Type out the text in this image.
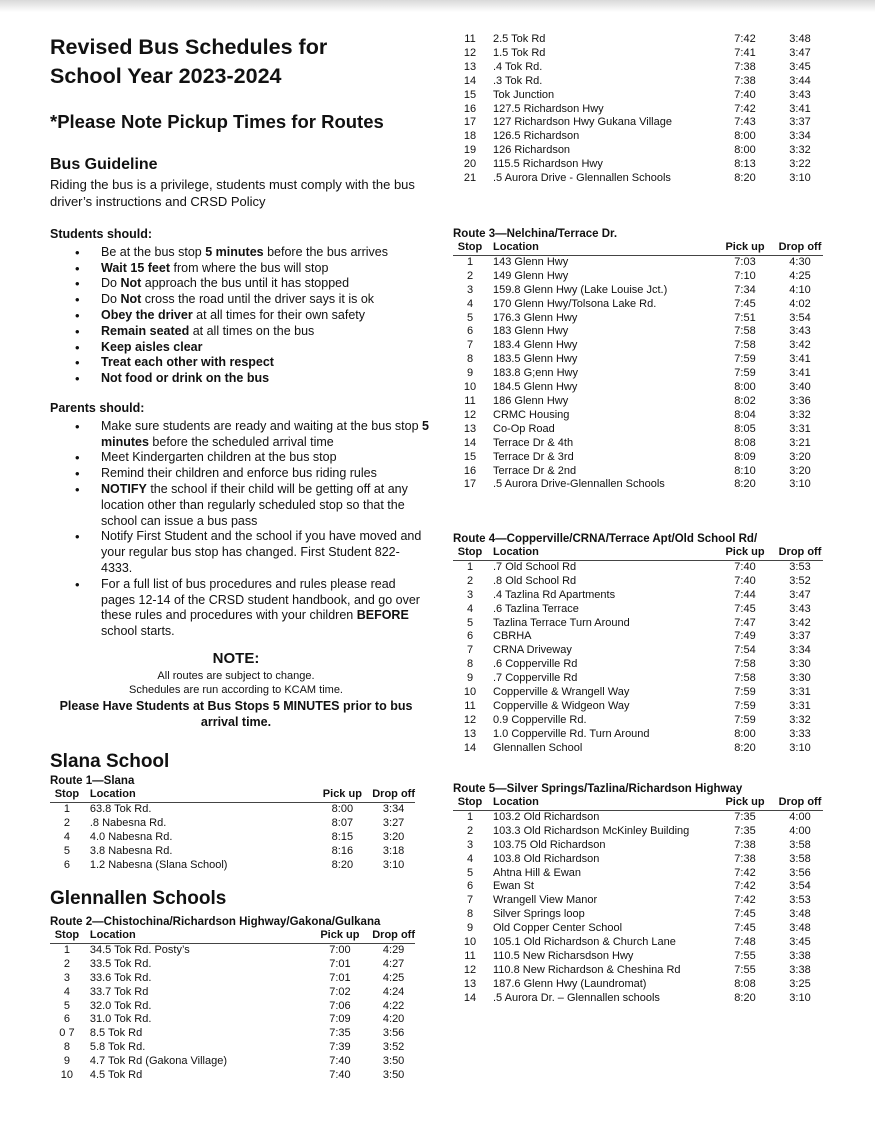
Revised Bus Schedules for
School Year 2023-2024
*Please Note Pickup Times for Routes
Bus Guideline

Riding the bus is a privilege, students must comply with the bus driver’s instructions and CRSD Policy

Students should:
• Be at the bus stop 5 minutes before the bus arrives
• Wait 15 feet from where the bus will stop
• Do Not approach the bus until it has stopped
• Do Not cross the road until the driver says it is ok
• Obey the driver at all times for their own safety
• Remain seated at all times on the bus
• Keep aisles clear
• Treat each other with respect
• Not food or drink on the bus
Parents should:
• Make sure students are ready and waiting at the bus stop 5 minutes before the scheduled arrival time
• Meet Kindergarten children at the bus stop
• Remind their children and enforce bus riding rules
• NOTIFY the school if their child will be getting off at any location other than regularly scheduled stop so that the school can issue a bus pass
• Notify First Student and the school if you have moved and your regular bus stop has changed. First Student 822-4333.
• For a full list of bus procedures and rules please read pages 12-14 of the CRSD student handbook, and go over these rules and procedures with your children BEFORE school starts.
NOTE:
All routes are subject to change.
Schedules are run according to KCAM time.
Please Have Students at Bus Stops 5 MINUTES prior to bus arrival time.
Slana School
Route 1—Slana
Stop	Location	Pick up	Drop off
1	63.8 Tok Rd.	8:00	3:34
2	.8 Nabesna Rd.	8:07	3:27
4	4.0 Nabesna Rd.	8:15	3:20
5	3.8 Nabesna Rd.	8:16	3:18
6	1.2 Nabesna (Slana School)	8:20	3:10
Glennallen Schools
Route 2—Chistochina/Richardson Highway/Gakona/Gulkana
Stop	Location	Pick up	Drop off
1	34.5 Tok Rd. Posty’s	7:00	4:29
2	33.5 Tok Rd.	7:01	4:27
3	33.6 Tok Rd.	7:01	4:25
4	33.7 Tok Rd	7:02	4:24
5	32.0 Tok Rd.	7:06	4:22
6	31.0 Tok Rd.	7:09	4:20
0 7	8.5 Tok Rd	7:35	3:56
8	5.8 Tok Rd.	7:39	3:52
9	4.7 Tok Rd (Gakona Village)	7:40	3:50
10	4.5 Tok Rd	7:40	3:50
11	2.5 Tok Rd	7:42	3:48
12	1.5 Tok Rd	7:41	3:47
13	.4 Tok Rd.	7:38	3:45
14	.3 Tok Rd.	7:38	3:44
15	Tok Junction	7:40	3:43
16	127.5 Richardson Hwy	7:42	3:41
17	127 Richardson Hwy Gukana Village	7:43	3:37
18	126.5 Richardson	8:00	3:34
19	126 Richardson	8:00	3:32
20	115.5 Richardson Hwy	8:13	3:22
21	.5 Aurora Drive - Glennallen Schools	8:20	3:10
Route 3—Nelchina/Terrace Dr.
Stop	Location	Pick up	Drop off
1	143 Glenn Hwy	7:03	4:30
2	149 Glenn Hwy	7:10	4:25
3	159.8 Glenn Hwy (Lake Louise Jct.)	7:34	4:10
4	170 Glenn Hwy/Tolsona Lake Rd.	7:45	4:02
5	176.3 Glenn Hwy	7:51	3:54
6	183 Glenn Hwy	7:58	3:43
7	183.4 Glenn Hwy	7:58	3:42
8	183.5 Glenn Hwy	7:59	3:41
9	183.8 G;enn Hwy	7:59	3:41
10	184.5 Glenn Hwy	8:00	3:40
11	186 Glenn Hwy	8:02	3:36
12	CRMC Housing	8:04	3:32
13	Co-Op Road	8:05	3:31
14	Terrace Dr & 4th	8:08	3:21
15	Terrace Dr & 3rd	8:09	3:20
16	Terrace Dr & 2nd	8:10	3:20
17	.5 Aurora Drive-Glennallen Schools	8:20	3:10
Route 4—Copperville/CRNA/Terrace Apt/Old School Rd/
Stop	Location	Pick up	Drop off
1	.7 Old School Rd	7:40	3:53
2	.8 Old School Rd	7:40	3:52
3	.4 Tazlina Rd Apartments	7:44	3:47
4	.6 Tazlina Terrace	7:45	3:43
5	Tazlina Terrace Turn Around	7:47	3:42
6	CBRHA	7:49	3:37
7	CRNA Driveway	7:54	3:34
8	.6 Copperville Rd	7:58	3:30
9	.7 Copperville Rd	7:58	3:30
10	Copperville & Wrangell Way	7:59	3:31
11	Copperville & Widgeon Way	7:59	3:31
12	0.9 Copperville Rd.	7:59	3:32
13	1.0 Copperville Rd. Turn Around	8:00	3:33
14	Glennallen School	8:20	3:10
Route 5—Silver Springs/Tazlina/Richardson Highway
Stop	Location	Pick up	Drop off
1	103.2 Old Richardson	7:35	4:00
2	103.3 Old Richardson McKinley Building	7:35	4:00
3	103.75 Old Richardson	7:38	3:58
4	103.8 Old Richardson	7:38	3:58
5	Ahtna Hill & Ewan	7:42	3:56
6	Ewan St	7:42	3:54
7	Wrangell View Manor	7:42	3:53
8	Silver Springs loop	7:45	3:48
9	Old Copper Center School	7:45	3:48
10	105.1 Old Richardson & Church Lane	7:48	3:45
11	110.5 New Richarsdson Hwy	7:55	3:38
12	110.8 New Richardson & Cheshina Rd	7:55	3:38
13	187.6 Glenn Hwy (Laundromat)	8:08	3:25
14	.5 Aurora Dr. – Glennallen schools	8:20	3:10
